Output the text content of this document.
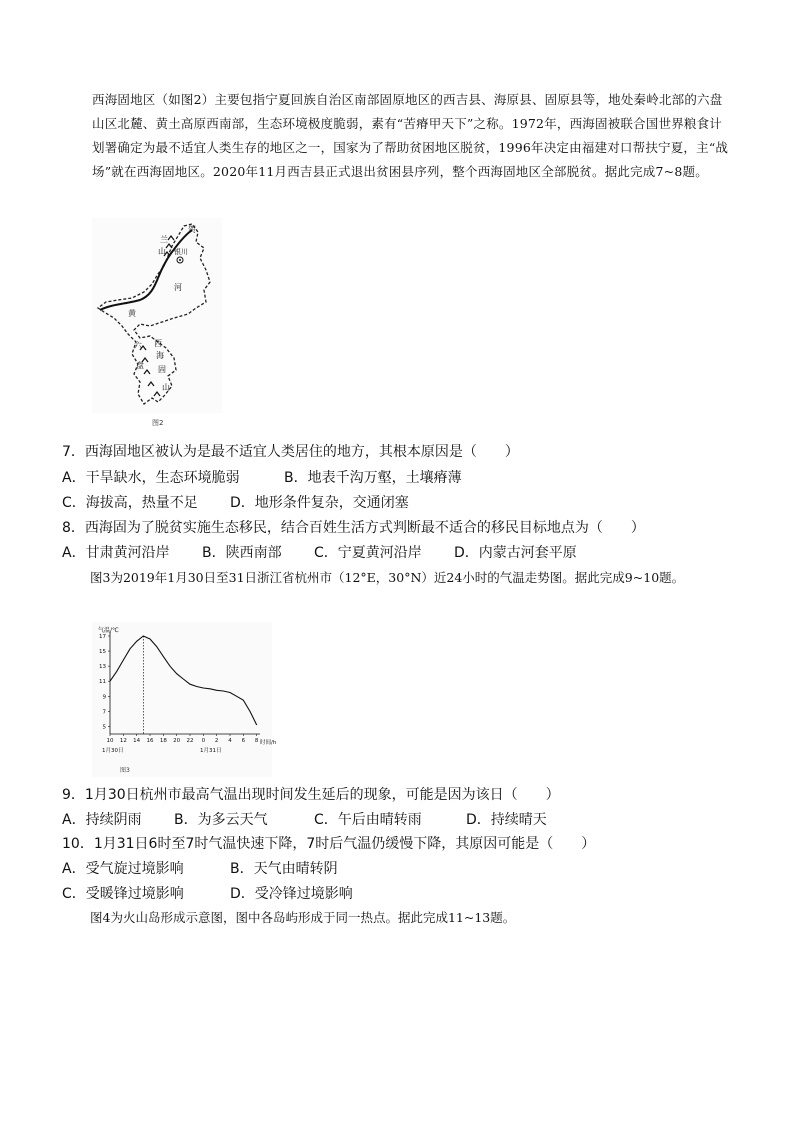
西海固地区（如图2）主要包指宁夏回族自治区南部固原地区的西吉县、海原县、固原县等，地处秦岭北部的六盘山区北麓、黄土高原西南部，生态环境极度脆弱，素有“苦瘠甲天下”之称。1972年，西海固被联合国世界粮食计划署确定为最不适宜人类生存的地区之一，国家为了帮助贫困地区脱贫，1996年决定由福建对口帮扶宁夏，主“战场”就在西海固地区。2020年11月西吉县正式退出贫困县序列，整个西海固地区全部脱贫。据此完成7~8题。
贺
兰
山 银川
河
黄
六
盘
西
海
固
山
图2
7．西海固地区被认为是最不适宜人类居住的地方，其根本原因是（　　）
A．干旱缺水，生态环境脆弱	B．地表千沟万壑，土壤瘠薄
C．海拔高，热量不足 D．地形条件复杂，交通闭塞
8．西海固为了脱贫实施生态移民，结合百姓生活方式判断最不适合的移民目标地点为（　　）
A．甘肃黄河沿岸 B．陕西南部 C．宁夏黄河沿岸 D．内蒙古河套平原
图3为2019年1月30日至31日浙江省杭州市（12°E，30°N）近24小时的气温走势图。据此完成9~10题。
气温/℃
时间/h
1月30日	1月31日
图3
5
7
9
11
13
15
17
10 12 14 16 18 20 22 0 2 4 6 8
9．1月30日杭州市最高气温出现时间发生延后的现象，可能是因为该日（　　）
A．持续阴雨 B．为多云天气	C．午后由晴转雨	D．持续晴天
10．1月31日6时至7时气温快速下降，7时后气温仍缓慢下降，其原因可能是（　　）
A．受气旋过境影响	B．天气由晴转阴
C．受暖锋过境影响	D．受冷锋过境影响
图4为火山岛形成示意图，图中各岛屿形成于同一热点。据此完成11~13题。
